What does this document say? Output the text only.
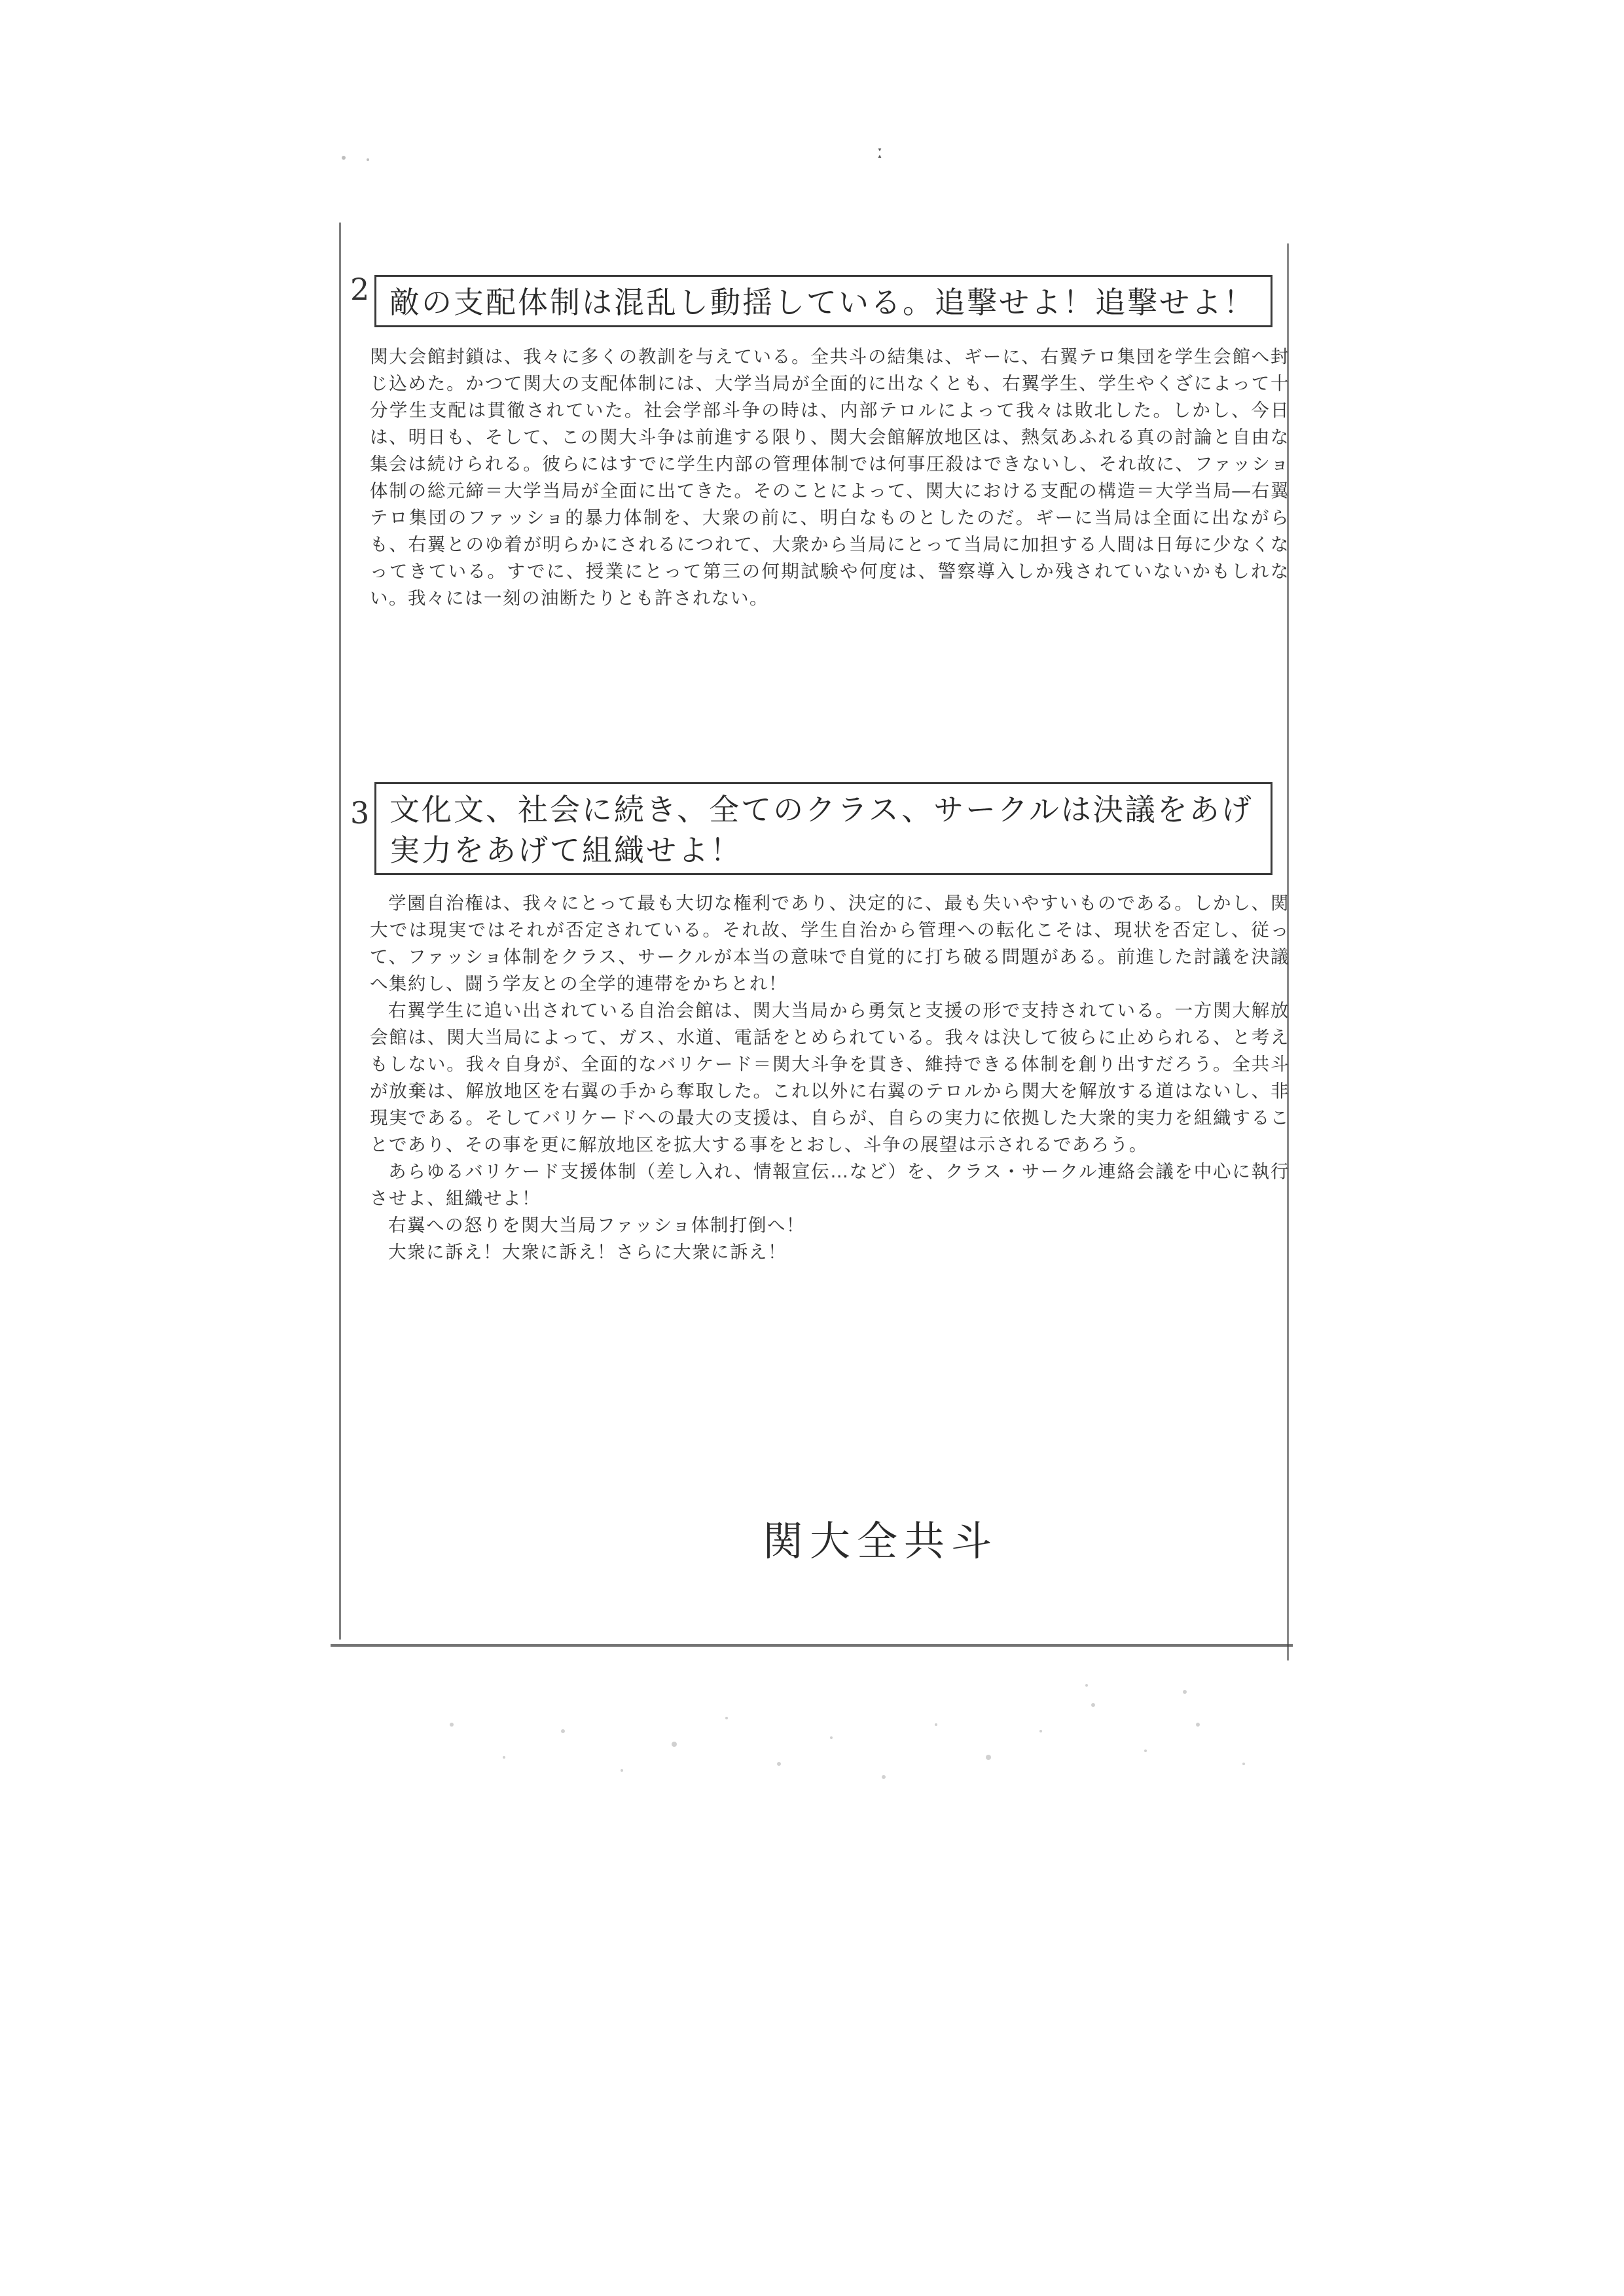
ː
2 敵の支配体制は混乱し動揺している。追撃せよ！追撃せよ！

関大会館封鎖は、我々に多くの教訓を与えている。全共斗の結集は、ギーに、右翼テロ集団を学生会館へ封じ込めた。かつて関大の支配体制には、大学当局が全面的に出なくとも、右翼学生、学生やくざによって十分学生支配は貫徹されていた。社会学部斗争の時は、内部テロルによって我々は敗北した。しかし、今日は、明日も、そして、この関大斗争は前進する限り、関大会館解放地区は、熱気あふれる真の討論と自由な集会は続けられる。彼らにはすでに学生内部の管理体制では何事圧殺はできないし、それ故に、ファッショ体制の総元締＝大学当局が全面に出てきた。そのことによって、関大における支配の構造＝大学当局―右翼テロ集団のファッショ的暴力体制を、大衆の前に、明白なものとしたのだ。ギーに当局は全面に出ながらも、右翼とのゆ着が明らかにされるにつれて、大衆から当局にとって当局に加担する人間は日毎に少なくなってきている。すでに、授業にとって第三の何期試験や何度は、警察導入しか残されていないかもしれない。我々には一刻の油断たりとも許されない。

3 文化文、社会に続き、全てのクラス、サークルは決議をあげ
実力をあげて組織せよ！

学園自治権は、我々にとって最も大切な権利であり、決定的に、最も失いやすいものである。しかし、関大では現実ではそれが否定されている。それ故、学生自治から管理への転化こそは、現状を否定し、従って、ファッショ体制をクラス、サークルが本当の意味で自覚的に打ち破る問題がある。前進した討議を決議へ集約し、闘う学友との全学的連帯をかちとれ！

右翼学生に追い出されている自治会館は、関大当局から勇気と支援の形で支持されている。一方関大解放会館は、関大当局によって、ガス、水道、電話をとめられている。我々は決して彼らに止められる、と考えもしない。我々自身が、全面的なバリケード＝関大斗争を貫き、維持できる体制を創り出すだろう。全共斗が放棄は、解放地区を右翼の手から奪取した。これ以外に右翼のテロルから関大を解放する道はないし、非現実である。そしてバリケードへの最大の支援は、自らが、自らの実力に依拠した大衆的実力を組織することであり、その事を更に解放地区を拡大する事をとおし、斗争の展望は示されるであろう。

あらゆるバリケード支援体制（差し入れ、情報宣伝…など）を、クラス・サークル連絡会議を中心に執行させよ、組織せよ！

右翼への怒りを関大当局ファッショ体制打倒へ！

大衆に訴え！大衆に訴え！さらに大衆に訴え！

関大全共斗
